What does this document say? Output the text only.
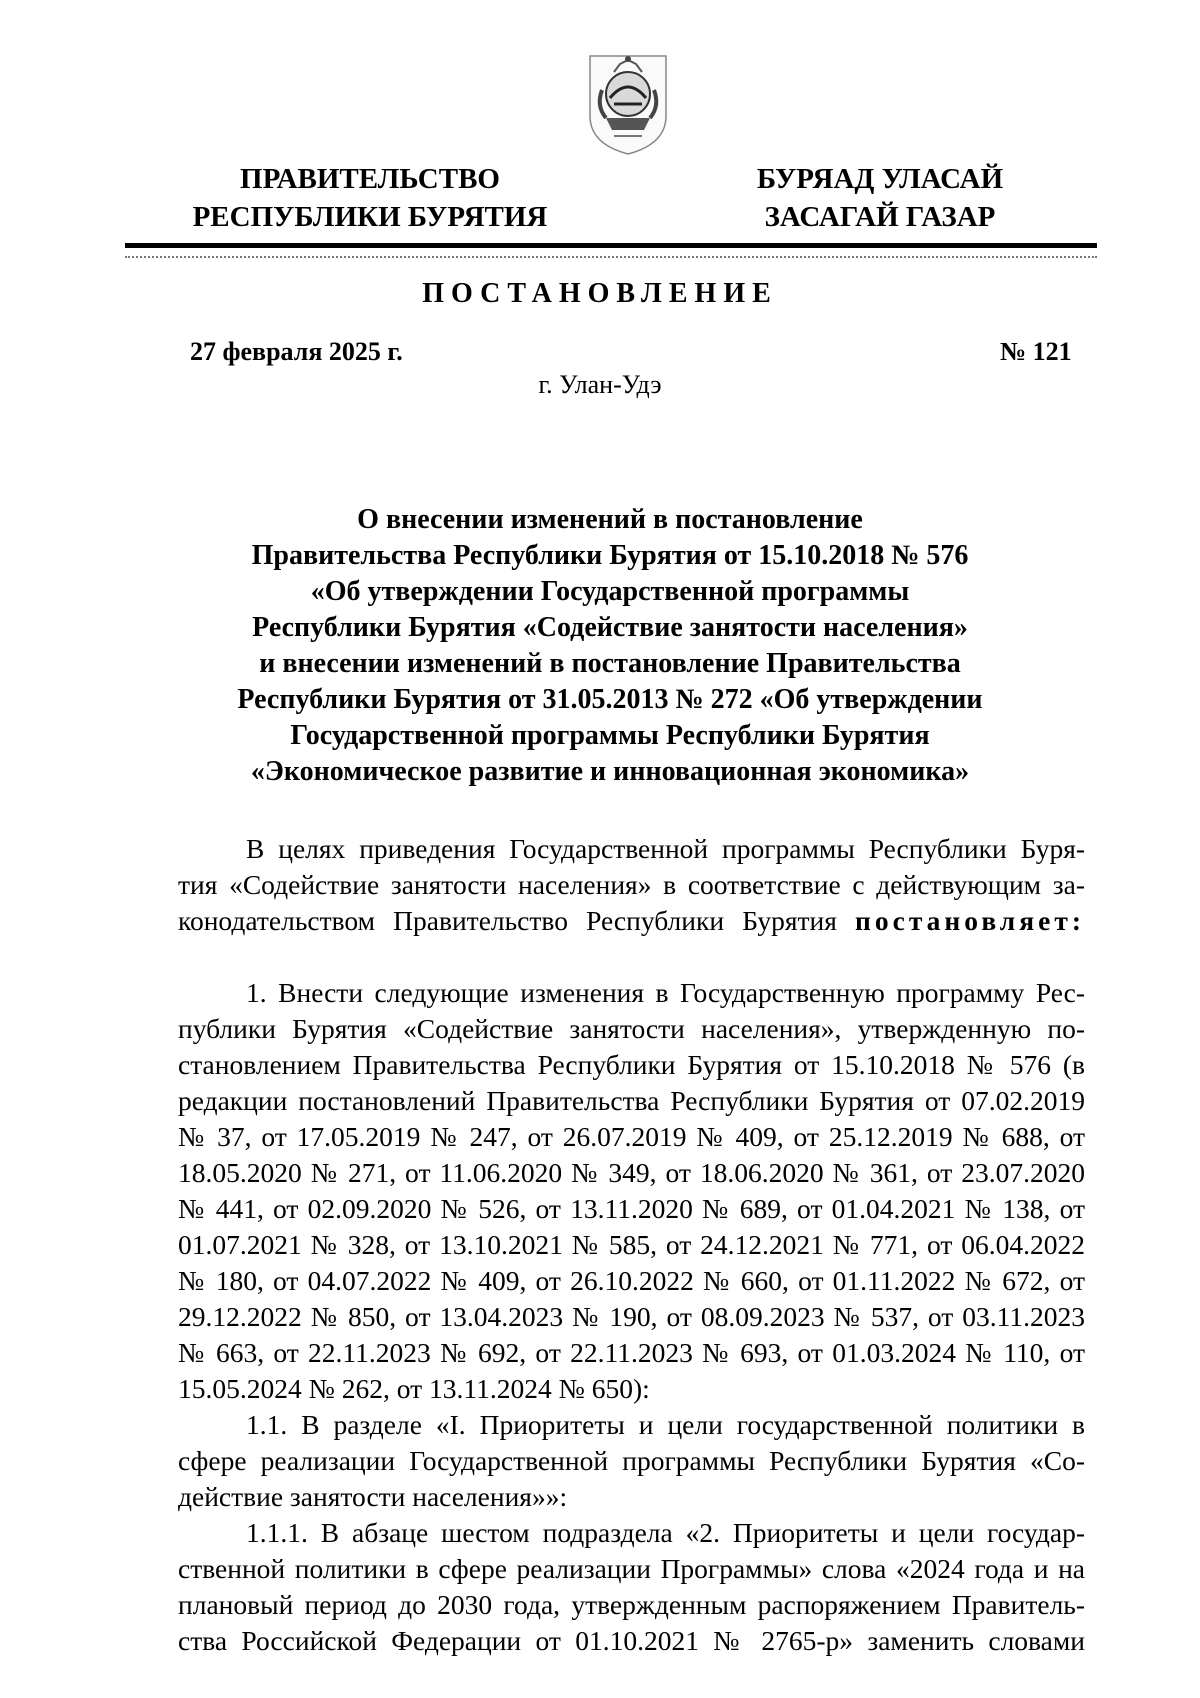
ПРАВИТЕЛЬСТВО
РЕСПУБЛИКИ БУРЯТИЯ
БУРЯАД УЛАСАЙ
ЗАСАГАЙ ГАЗАР
ПОСТАНОВЛЕНИЕ
27 февраля 2025 г.	№ 121
г. Улан-Удэ
О внесении изменений в постановление
Правительства Республики Бурятия от 15.10.2018 № 576
«Об утверждении Государственной программы
Республики Бурятия «Содействие занятости населения»
и внесении изменений в постановление Правительства
Республики Бурятия от 31.05.2013 № 272 «Об утверждении
Государственной программы Республики Бурятия
«Экономическое развитие и инновационная экономика»
В целях приведения Государственной программы Республики Буря-
тия «Содействие занятости населения» в соответствие с действующим за-
конодательством Правительство Республики Бурятия постановляет:
1. Внести следующие изменения в Государственную программу Рес-
публики Бурятия «Содействие занятости населения», утвержденную по-
становлением Правительства Республики Бурятия от 15.10.2018 № 576 (в
редакции постановлений Правительства Республики Бурятия от 07.02.2019
№ 37, от 17.05.2019 № 247, от 26.07.2019 № 409, от 25.12.2019 № 688, от
18.05.2020 № 271, от 11.06.2020 № 349, от 18.06.2020 № 361, от 23.07.2020
№ 441, от 02.09.2020 № 526, от 13.11.2020 № 689, от 01.04.2021 № 138, от
01.07.2021 № 328, от 13.10.2021 № 585, от 24.12.2021 № 771, от 06.04.2022
№ 180, от 04.07.2022 № 409, от 26.10.2022 № 660, от 01.11.2022 № 672, от
29.12.2022 № 850, от 13.04.2023 № 190, от 08.09.2023 № 537, от 03.11.2023
№ 663, от 22.11.2023 № 692, от 22.11.2023 № 693, от 01.03.2024 № 110, от
15.05.2024 № 262, от 13.11.2024 № 650):
1.1. В разделе «I. Приоритеты и цели государственной политики в
сфере реализации Государственной программы Республики Бурятия «Со-
действие занятости населения»»:
1.1.1. В абзаце шестом подраздела «2. Приоритеты и цели государ-
ственной политики в сфере реализации Программы» слова «2024 года и на
плановый период до 2030 года, утвержденным распоряжением Правитель-
ства Российской Федерации от 01.10.2021 № 2765-р» заменить словами
